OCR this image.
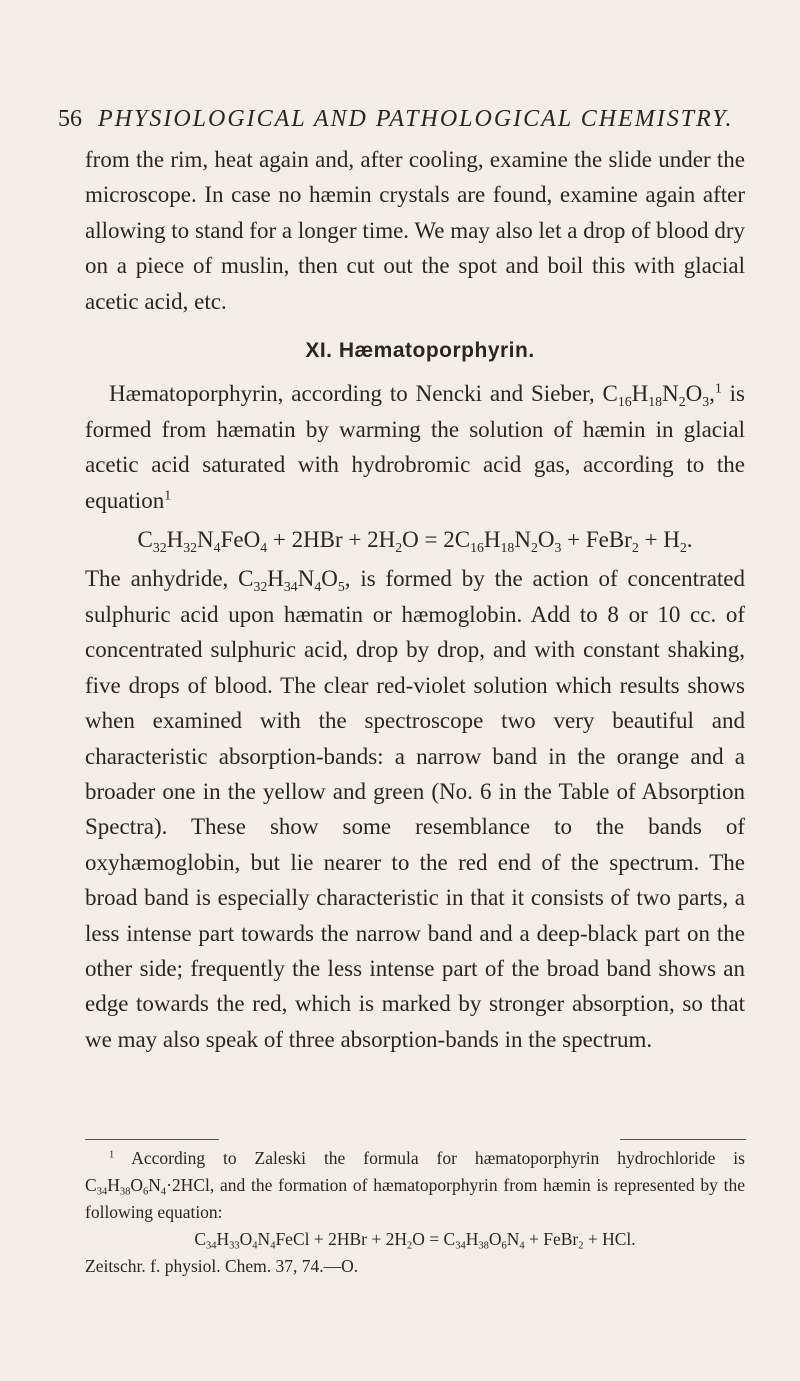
56 PHYSIOLOGICAL AND PATHOLOGICAL CHEMISTRY.

from the rim, heat again and, after cooling, examine the slide under the microscope. In case no hæmin crystals are found, examine again after allowing to stand for a longer time. We may also let a drop of blood dry on a piece of muslin, then cut out the spot and boil this with glacial acetic acid, etc.

XI. Hæmatoporphyrin.

Hæmatoporphyrin, according to Nencki and Sieber, $C_{16}H_{18}N_2O_3,^1$ is formed from hæmatin by warming the solution of hæmin in glacial acetic acid saturated with hydrobromic acid gas, according to the equation$^1$

$C_{32}H_{32}N_4FeO_4 + 2HBr + 2H_2O = 2C_{16}H_{18}N_2O_3$ + FeBr$_2$ + $H_2$.

The anhydride, $C_{32}H_{34}N_4O_5$, is formed by the action of concentrated sulphuric acid upon hæmatin or hæmoglobin. Add to 8 or 10 cc. of concentrated sulphuric acid, drop by drop, and with constant shaking, five drops of blood. The clear red-violet solution which results shows when examined with the spectroscope two very beautiful and characteristic absorption-bands: a narrow band in the orange and a broader one in the yellow and green (No. 6 in the Table of Absorption Spectra). These show some resemblance to the bands of oxyhæmoglobin, but lie nearer to the red end of the spectrum. The broad band is especially characteristic in that it consists of two parts, a less intense part towards the narrow band and a deep-black part on the other side; frequently the less intense part of the broad band shows an edge towards the red, which is marked by stronger absorption, so that we may also speak of three absorption-bands in the spectrum.

$^1$ According to Zaleski the formula for hæmatoporphyrin hydrochloride is $C_{34}H_{38}O_6N_4\cdot 2HCl$, and the formation of hæmatoporphyrin from hæmin is represented by the following equation:

$C_{34}H_{33}O_4N_4FeCl + 2HBr + 2H_2O = C_{34}H_{38}O_6N_4$ + FeBr$_2$ + HCl.

Zeitschr. f. physiol. Chem. 37, 74.—O.
